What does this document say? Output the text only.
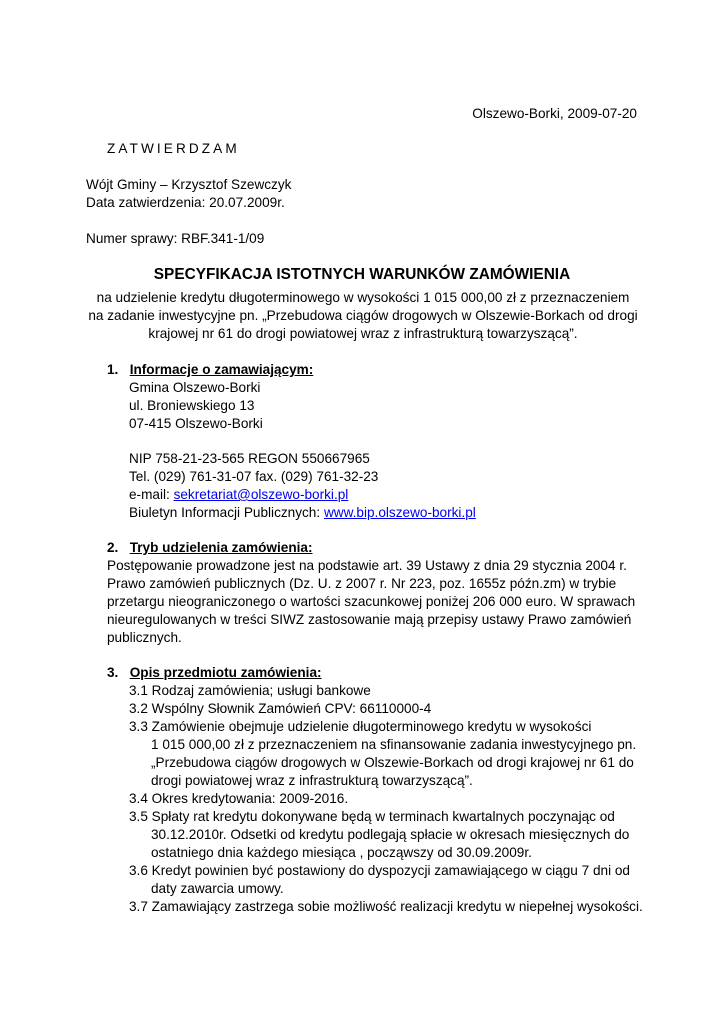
Olszewo-Borki, 2009-07-20
ZATWIERDZAM
Wójt Gminy – Krzysztof Szewczyk
Data zatwierdzenia: 20.07.2009r.
Numer sprawy: RBF.341-1/09
SPECYFIKACJA ISTOTNYCH WARUNKÓW ZAMÓWIENIA
na udzielenie kredytu długoterminowego w wysokości 1 015 000,00 zł z przeznaczeniem
na zadanie inwestycyjne pn. „Przebudowa ciągów drogowych w Olszewie-Borkach od drogi
krajowej nr 61 do drogi powiatowej wraz z infrastrukturą towarzyszącą”.
1. Informacje o zamawiającym:
Gmina Olszewo-Borki
ul. Broniewskiego 13
07-415 Olszewo-Borki
NIP 758-21-23-565 REGON 550667965
Tel. (029) 761-31-07 fax. (029) 761-32-23
e-mail: sekretariat@olszewo-borki.pl
Biuletyn Informacji Publicznych: www.bip.olszewo-borki.pl
2. Tryb udzielenia zamówienia:
Postępowanie prowadzone jest na podstawie art. 39 Ustawy z dnia 29 stycznia 2004 r.
Prawo zamówień publicznych (Dz. U. z 2007 r. Nr 223, poz. 1655z późn.zm) w trybie
przetargu nieograniczonego o wartości szacunkowej poniżej 206 000 euro. W sprawach
nieuregulowanych w treści SIWZ zastosowanie mają przepisy ustawy Prawo zamówień
publicznych.
3. Opis przedmiotu zamówienia:
3.1 Rodzaj zamówienia; usługi bankowe
3.2 Wspólny Słownik Zamówień CPV: 66110000-4
3.3 Zamówienie obejmuje udzielenie długoterminowego kredytu w wysokości
1 015 000,00 zł z przeznaczeniem na sfinansowanie zadania inwestycyjnego pn.
„Przebudowa ciągów drogowych w Olszewie-Borkach od drogi krajowej nr 61 do
drogi powiatowej wraz z infrastrukturą towarzyszącą”.
3.4 Okres kredytowania: 2009-2016.
3.5 Spłaty rat kredytu dokonywane będą w terminach kwartalnych poczynając od
30.12.2010r. Odsetki od kredytu podlegają spłacie w okresach miesięcznych do
ostatniego dnia każdego miesiąca , począwszy od 30.09.2009r.
3.6 Kredyt powinien być postawiony do dyspozycji zamawiającego w ciągu 7 dni od
daty zawarcia umowy.
3.7 Zamawiający zastrzega sobie możliwość realizacji kredytu w niepełnej wysokości.
